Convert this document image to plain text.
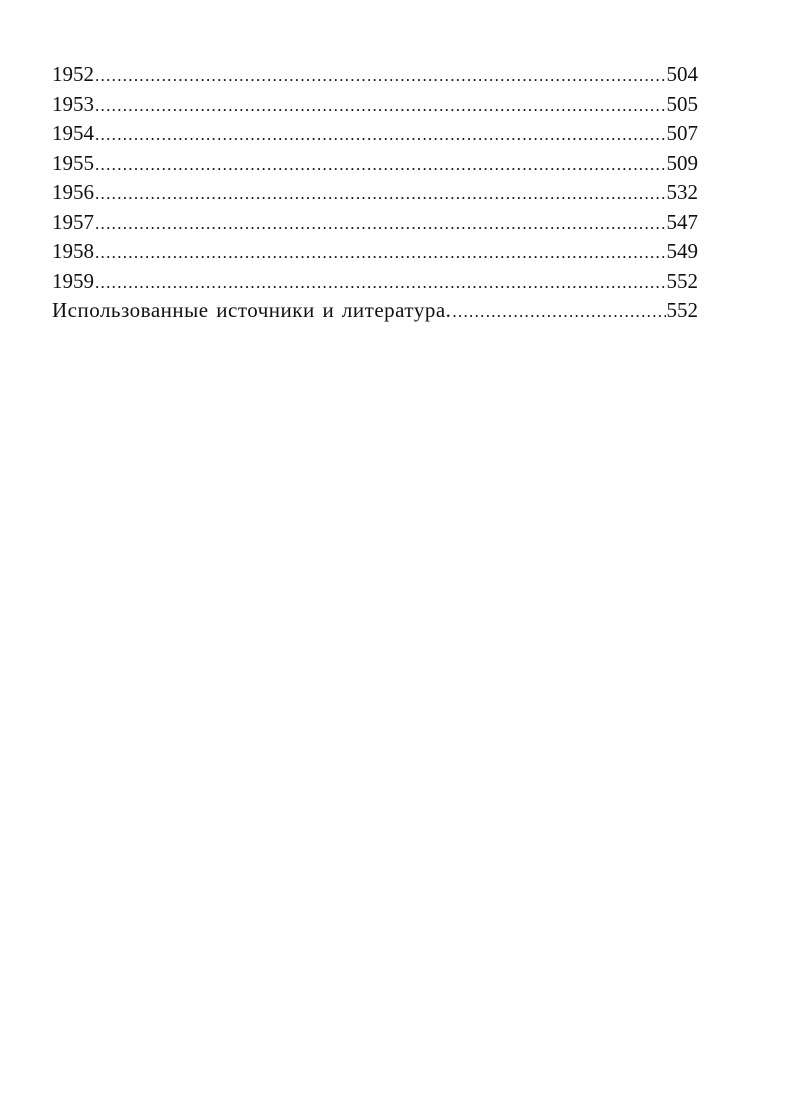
1952 .....	504
1953 .....	505
1954 .....	507
1955 .....	509
1956 .....	532
1957 .....	547
1958 .....	549
1959 .....	552
Использованные источники и литература. .....	552
